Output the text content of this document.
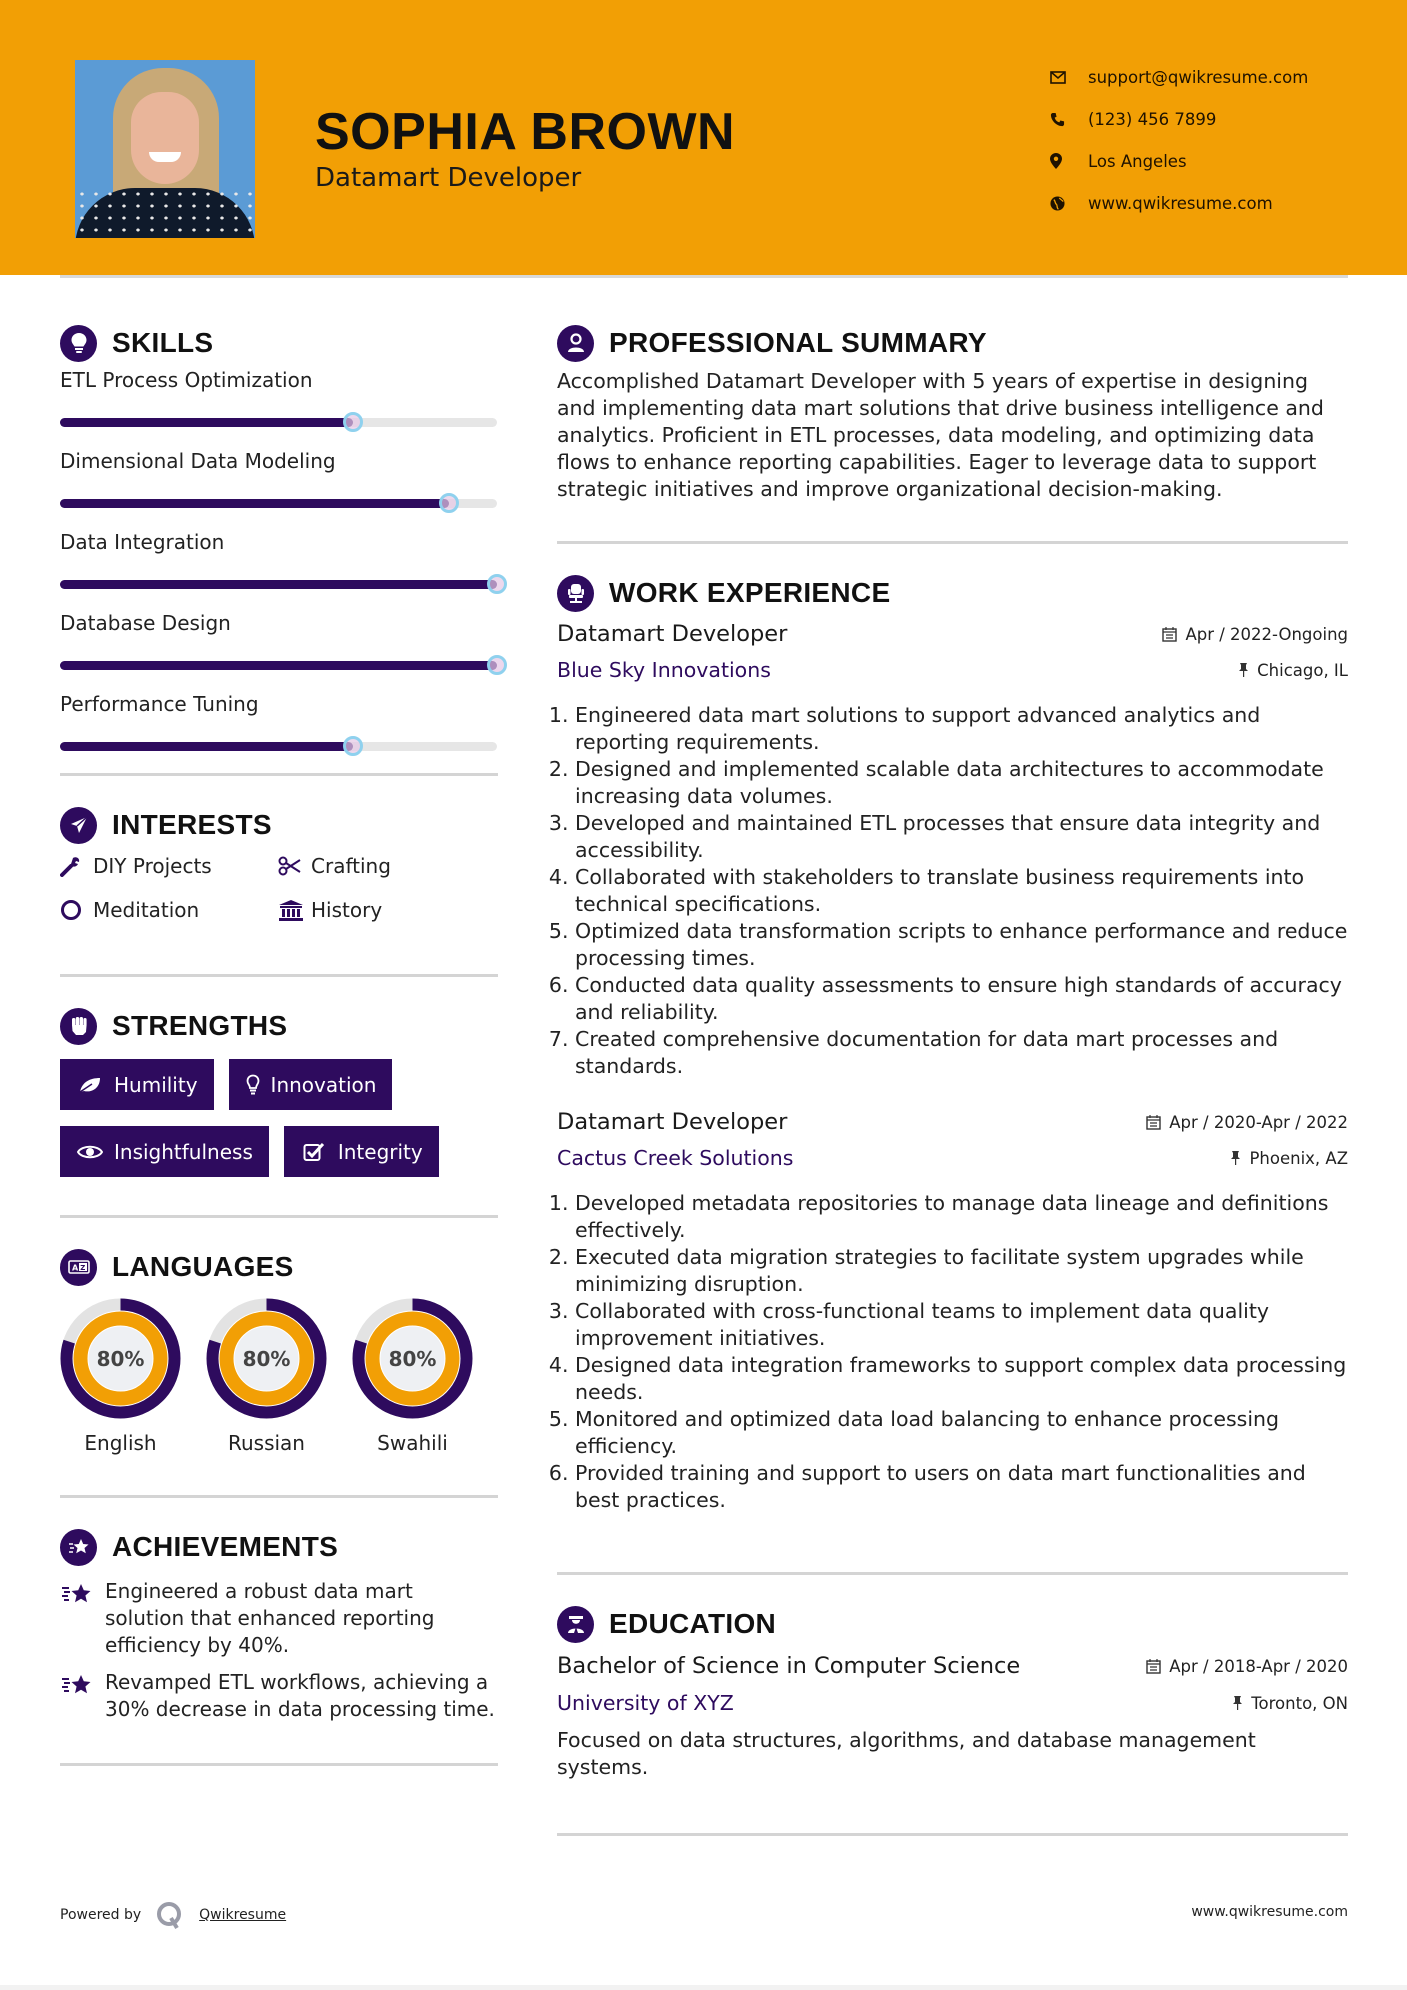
SOPHIA BROWN
Datamart Developer
support@qwikresume.com
(123) 456 7899
Los Angeles
www.qwikresume.com
SKILLS
ETL Process Optimization
Dimensional Data Modeling
Data Integration
Database Design
Performance Tuning
INTERESTS
DIY Projects	Crafting
Meditation	History
STRENGTHS
Humility	Innovation
Insightfulness	Integrity
A Z LANGUAGES
80%
English
80%
Russian
80%
Swahili
ACHIEVEMENTS
Engineered a robust data mart solution that enhanced reporting efficiency by 40%.
Revamped ETL workflows, achieving a 30% decrease in data processing time.
PROFESSIONAL SUMMARY

Accomplished Datamart Developer with 5 years of expertise in designing and implementing data mart solutions that drive business intelligence and analytics. Proficient in ETL processes, data modeling, and optimizing data flows to enhance reporting capabilities. Eager to leverage data to support strategic initiatives and improve organizational decision-making.

WORK EXPERIENCE
Datamart Developer	Apr / 2022-Ongoing
Blue Sky Innovations	Chicago, IL
1. Engineered data mart solutions to support advanced analytics and reporting requirements.
2. Designed and implemented scalable data architectures to accommodate increasing data volumes.
3. Developed and maintained ETL processes that ensure data integrity and accessibility.
4. Collaborated with stakeholders to translate business requirements into technical specifications.
5. Optimized data transformation scripts to enhance performance and reduce processing times.
6. Conducted data quality assessments to ensure high standards of accuracy and reliability.
7. Created comprehensive documentation for data mart processes and standards.
Datamart Developer	Apr / 2020-Apr / 2022
Cactus Creek Solutions	Phoenix, AZ
1. Developed metadata repositories to manage data lineage and definitions effectively.
2. Executed data migration strategies to facilitate system upgrades while minimizing disruption.
3. Collaborated with cross-functional teams to implement data quality improvement initiatives.
4. Designed data integration frameworks to support complex data processing needs.
5. Monitored and optimized data load balancing to enhance processing efficiency.
6. Provided training and support to users on data mart functionalities and best practices.
EDUCATION
Bachelor of Science in Computer Science	Apr / 2018-Apr / 2020
University of XYZ	Toronto, ON

Focused on data structures, algorithms, and database management systems.

Powered by	Qwikresume	www.qwikresume.com
